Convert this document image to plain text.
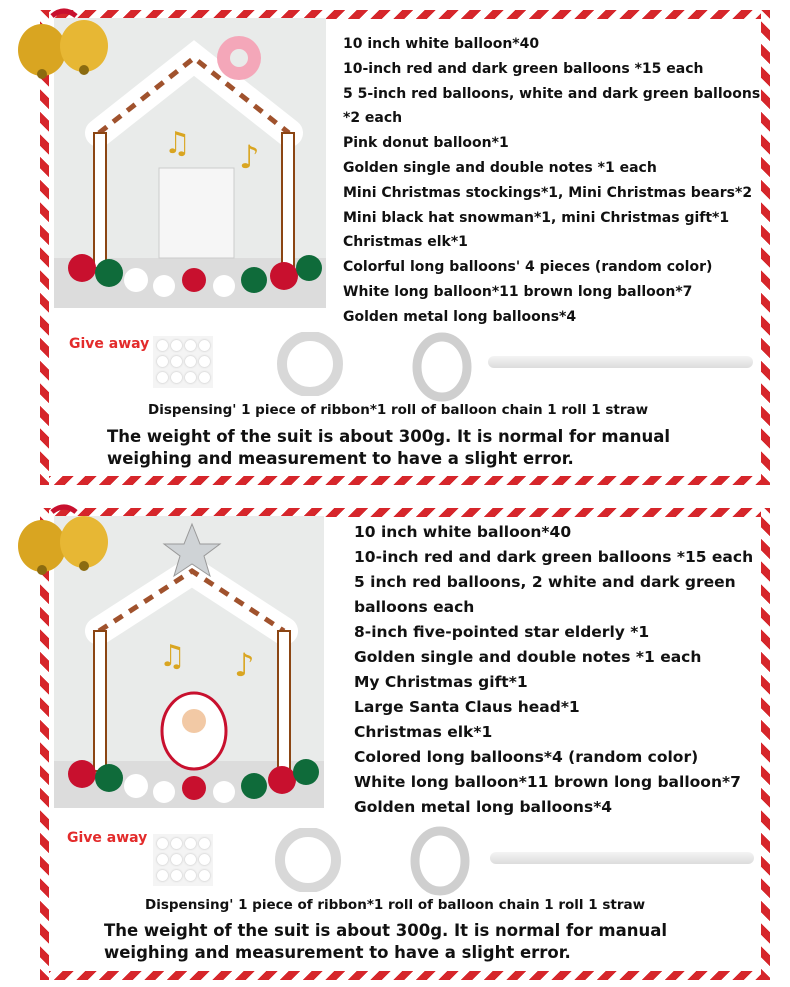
♫ ♪
10 inch white balloon*40
10-inch red and dark green balloons *15 each
5 5-inch red balloons, white and dark green balloons *2 each
Pink donut balloon*1
Golden single and double notes *1 each
Mini Christmas stockings*1, Mini Christmas bears*2
Mini black hat snowman*1, mini Christmas gift*1
Christmas elk*1
Colorful long balloons' 4 pieces (random color)
White long balloon*11 brown long balloon*7
Golden metal long balloons*4
Give away
Dispensing' 1 piece of ribbon*1 roll of balloon chain 1 roll 1 straw
The weight of the suit is about 300g. It is normal for manual weighing and measurement to have a slight error.
♫ ♪
10 inch white balloon*40
10-inch red and dark green balloons *15 each
5 inch red balloons, 2 white and dark green balloons each
8-inch five-pointed star elderly *1
Golden single and double notes *1 each
My Christmas gift*1
Large Santa Claus head*1
Christmas elk*1
Colored long balloons*4 (random color)
White long balloon*11 brown long balloon*7
Golden metal long balloons*4
Give away
Dispensing' 1 piece of ribbon*1 roll of balloon chain 1 roll 1 straw
The weight of the suit is about 300g. It is normal for manual weighing and measurement to have a slight error.
